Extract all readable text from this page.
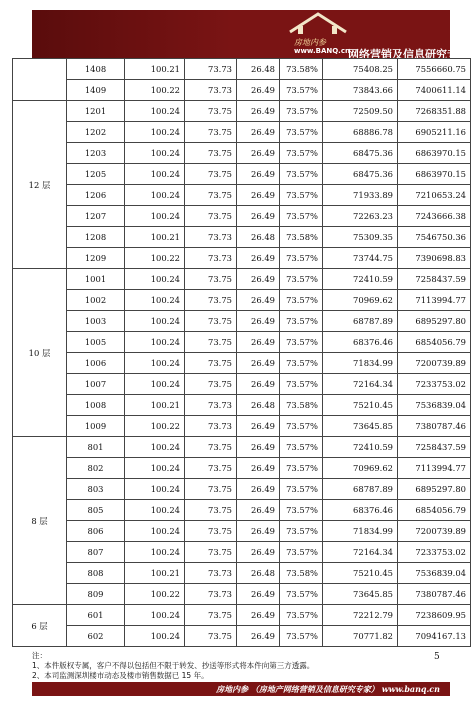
房地内参
www.BANQ.cn
网络营销及信息研究专家
	1408	100.21	73.73	26.48	73.58%	75408.25	7556660.75
	1409	100.22	73.73	26.49	73.57%	73843.66	7400611.14
12 层	1201	100.24	73.75	26.49	73.57%	72509.50	7268351.88
	1202	100.24	73.75	26.49	73.57%	68886.78	6905211.16
	1203	100.24	73.75	26.49	73.57%	68475.36	6863970.15
	1205	100.24	73.75	26.49	73.57%	68475.36	6863970.15
	1206	100.24	73.75	26.49	73.57%	71933.89	7210653.24
	1207	100.24	73.75	26.49	73.57%	72263.23	7243666.38
	1208	100.21	73.73	26.48	73.58%	75309.35	7546750.36
	1209	100.22	73.73	26.49	73.57%	73744.75	7390698.83
10 层	1001	100.24	73.75	26.49	73.57%	72410.59	7258437.59
	1002	100.24	73.75	26.49	73.57%	70969.62	7113994.77
	1003	100.24	73.75	26.49	73.57%	68787.89	6895297.80
	1005	100.24	73.75	26.49	73.57%	68376.46	6854056.79
	1006	100.24	73.75	26.49	73.57%	71834.99	7200739.89
	1007	100.24	73.75	26.49	73.57%	72164.34	7233753.02
	1008	100.21	73.73	26.48	73.58%	75210.45	7536839.04
	1009	100.22	73.73	26.49	73.57%	73645.85	7380787.46
8 层	801	100.24	73.75	26.49	73.57%	72410.59	7258437.59
	802	100.24	73.75	26.49	73.57%	70969.62	7113994.77
	803	100.24	73.75	26.49	73.57%	68787.89	6895297.80
	805	100.24	73.75	26.49	73.57%	68376.46	6854056.79
	806	100.24	73.75	26.49	73.57%	71834.99	7200739.89
	807	100.24	73.75	26.49	73.57%	72164.34	7233753.02
	808	100.21	73.73	26.48	73.58%	75210.45	7536839.04
	809	100.22	73.73	26.49	73.57%	73645.85	7380787.46
6 层	601	100.24	73.75	26.49	73.57%	72212.79	7238609.95
	602	100.24	73.75	26.49	73.57%	70771.82	7094167.13
注：
1、本件版权专属，客户不得以包括但不限于转发、抄送等形式将本件向第三方透露。
2、本司监测深圳楼市动态及楼市销售数据已 15 年。
5
房地内参 （房地产网络营销及信息研究专家） www.banq.cn
